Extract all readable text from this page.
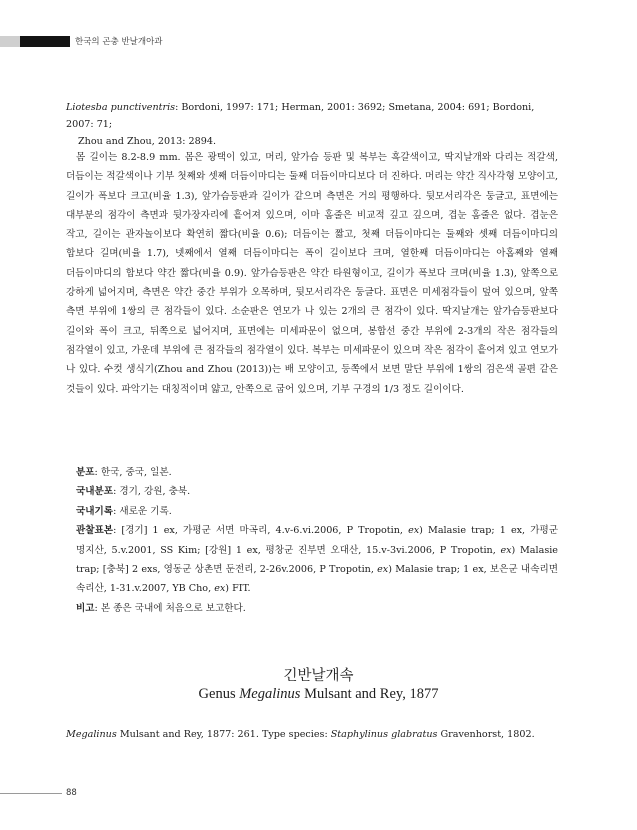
한국의 곤충 반날개아과
Liotesba punctiventris: Bordoni, 1997: 171; Herman, 2001: 3692; Smetana, 2004: 691; Bordoni, 2007: 71;
Zhou and Zhou, 2013: 2894.
몸 길이는 8.2-8.9 mm. 몸은 광택이 있고, 머리, 앞가슴 등판 및 복부는 흑갈색이고, 딱지날개와 다리는 적갈색, 더듬이는 적갈색이나 기부 첫째와 셋째 더듬이마디는 둘째 더듬이마디보다 더 진하다. 머리는 약간 직사각형 모양이고, 길이가 폭보다 크고(비율 1.3), 앞가슴등판과 길이가 같으며 측면은 거의 평행하다. 뒷모서리각은 둥글고, 표면에는 대부분의 점각이 측면과 뒷가장자리에 흩어져 있으며, 이마 홈줄은 비교적 깊고 깊으며, 겹눈 홈줄은 없다. 겹눈은 작고, 길이는 관자놀이보다 확연히 짧다(비율 0.6); 더듬이는 짧고, 첫째 더듬이마디는 둘째와 셋째 더듬이마디의 합보다 길며(비율 1.7), 넷째에서 열째 더듬이마디는 폭이 길이보다 크며, 열한째 더듬이마디는 아홉째와 열째 더듬이마디의 합보다 약간 짧다(비율 0.9). 앞가슴등판은 약간 타원형이고, 길이가 폭보다 크며(비율 1.3), 앞쪽으로 강하게 넓어지며, 측면은 약간 중간 부위가 오목하며, 뒷모서리각은 둥글다. 표면은 미세점각들이 덮여 있으며, 앞쪽 측면 부위에 1쌍의 큰 점각들이 있다. 소순판은 연모가 나 있는 2개의 큰 점각이 있다. 딱지날개는 앞가슴등판보다 길이와 폭이 크고, 뒤쪽으로 넓어지며, 표면에는 미세파문이 없으며, 봉합선 중간 부위에 2-3개의 작은 점각들의 점각열이 있고, 가운데 부위에 큰 점각들의 점각열이 있다. 복부는 미세파문이 있으며 작은 점각이 흩어져 있고 연모가 나 있다. 수컷 생식기(Zhou and Zhou (2013))는 배 모양이고, 등쪽에서 보면 말단 부위에 1쌍의 검은색 골편 같은 것들이 있다. 파악기는 대칭적이며 얇고, 안쪽으로 굽어 있으며, 기부 구경의 1/3 정도 길이이다.
분포: 한국, 중국, 일본.
국내분포: 경기, 강원, 충북.
국내기록: 새로운 기록.
관찰표본: [경기] 1 ex, 가평군 서면 마곡리, 4.v-6.vi.2006, P Tropotin, ex) Malasie trap; 1 ex, 가평군 명지산, 5.v.2001, SS Kim; [강원] 1 ex, 평창군 진부면 오대산, 15.v-3vi.2006, P Tropotin, ex) Malasie trap; [충북] 2 exs, 영동군 상촌면 둔전리, 2-26v.2006, P Tropotin, ex) Malasie trap; 1 ex, 보은군 내속리면 속리산, 1-31.v.2007, YB Cho, ex) FIT.
비고: 본 종은 국내에 처음으로 보고한다.
긴반날개속
Genus Megalinus Mulsant and Rey, 1877
Megalinus Mulsant and Rey, 1877: 261. Type species: Staphylinus glabratus Gravenhorst, 1802.
88
